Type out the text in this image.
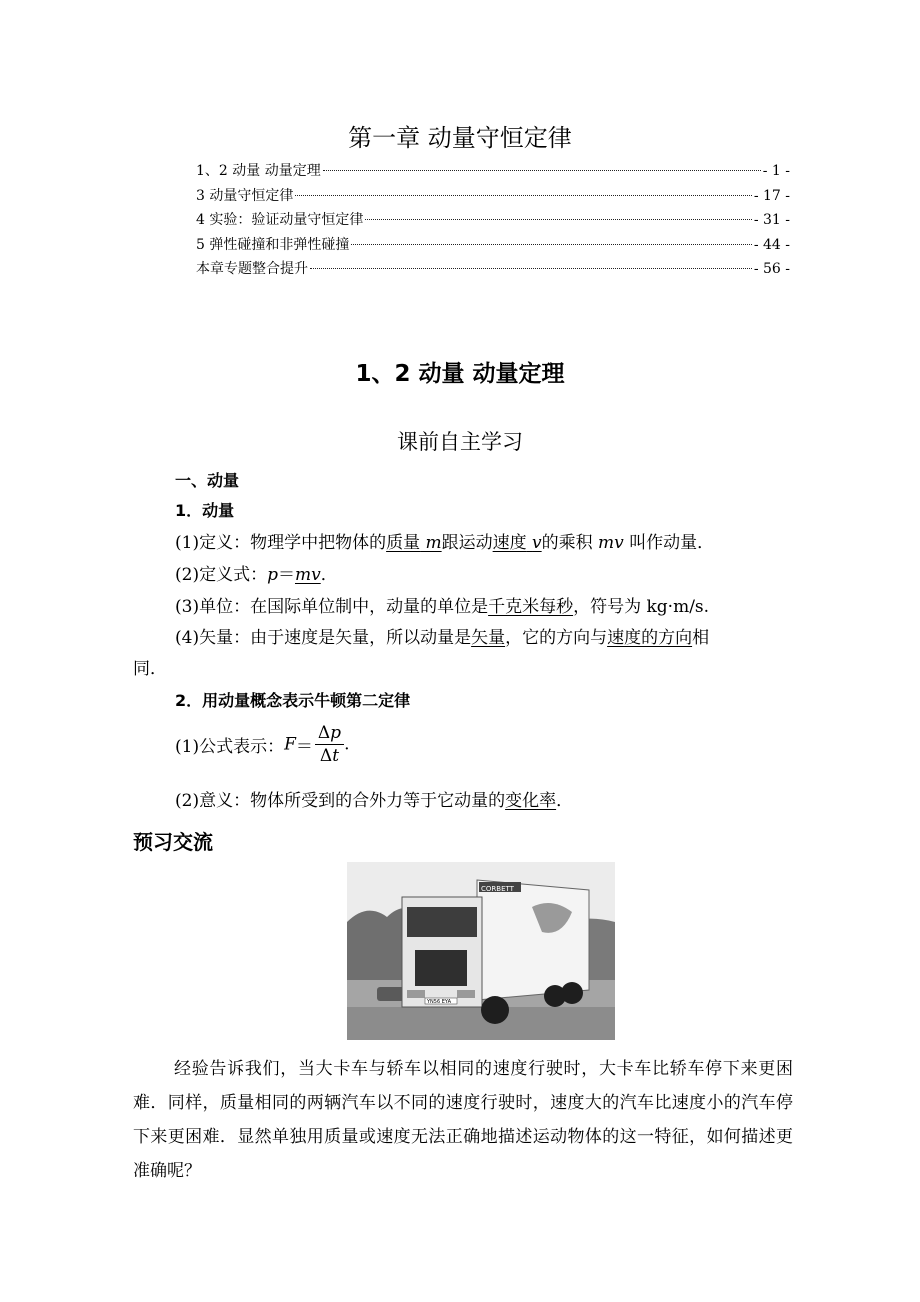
第一章 动量守恒定律
1、2 动量 动量定理	- 1 -
3 动量守恒定律	- 17 -
4 实验：验证动量守恒定律	- 31 -
5 弹性碰撞和非弹性碰撞	- 44 -
本章专题整合提升	- 56 -
1、2 动量 动量定理
课前自主学习
一、动量
1．动量
(1)定义：物理学中把物体的质量 m跟运动速度 v的乘积 mv 叫作动量．
(2)定义式：p＝mv．
(3)单位：在国际单位制中，动量的单位是千克米每秒，符号为 kg·m/s.
(4)矢量：由于速度是矢量，所以动量是矢量，它的方向与速度的方向相
同．
2．用动量概念表示牛顿第二定律
(1)公式表示：$F= \frac{\Delta p}{\Delta t}$ .
(2)意义：物体所受到的合外力等于它动量的变化率．
预习交流
CORBETT
YN56 EYA
经验告诉我们，当大卡车与轿车以相同的速度行驶时，大卡车比轿车停下来更困难．同样，质量相同的两辆汽车以不同的速度行驶时，速度大的汽车比速度小的汽车停下来更困难．显然单独用质量或速度无法正确地描述运动物体的这一特征，如何描述更准确呢？
